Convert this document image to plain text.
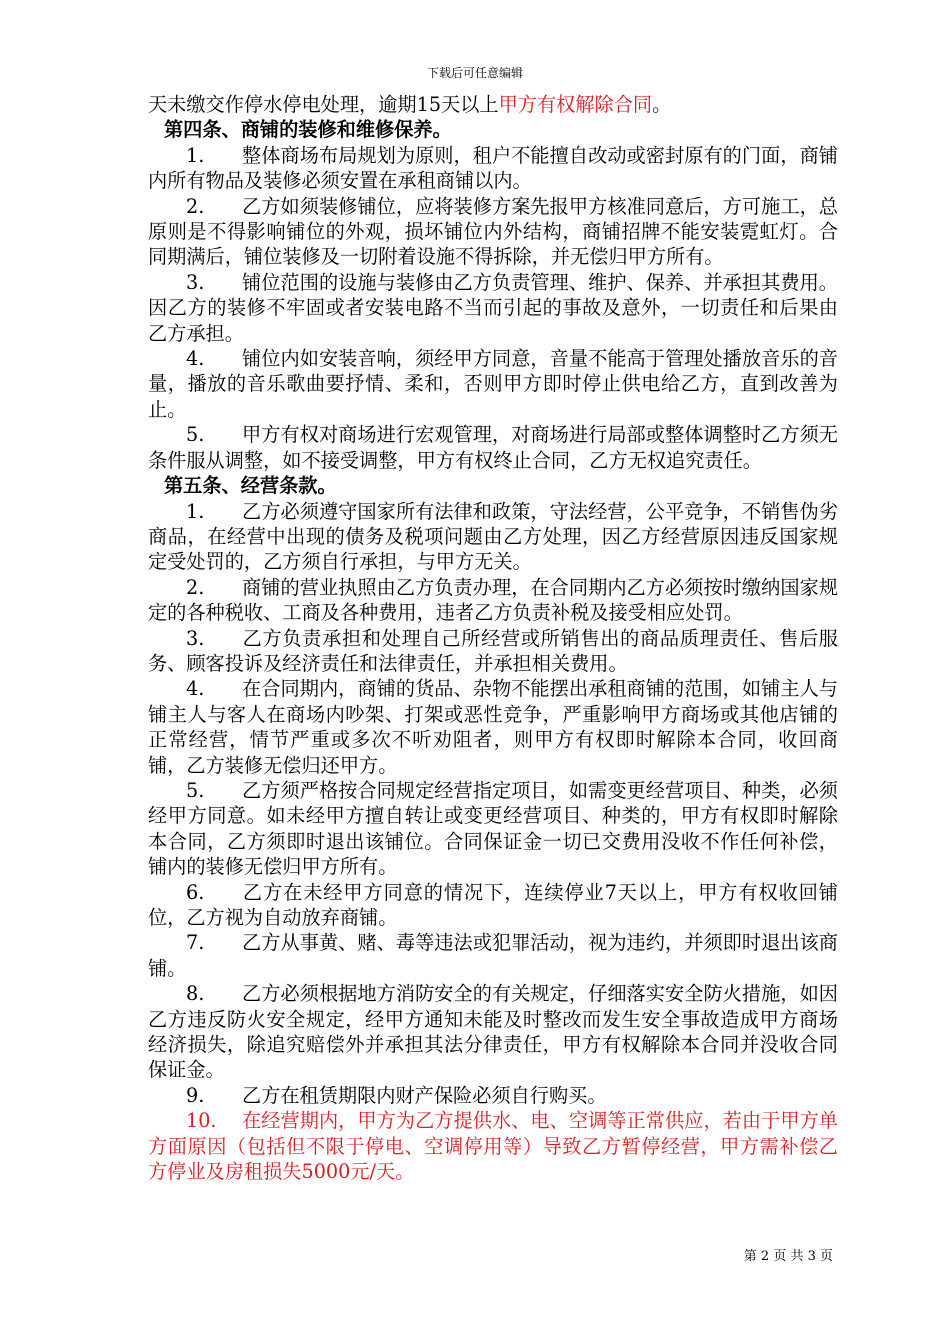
下载后可任意编辑

天未缴交作停水停电处理，逾期15天以上甲方有权解除合同。

第四条、商铺的装修和维修保养。

1. 整体商场布局规划为原则，租户不能擅自改动或密封原有的门面，商铺内所有物品及装修必须安置在承租商铺以内。

2. 乙方如须装修铺位，应将装修方案先报甲方核准同意后，方可施工，总原则是不得影响铺位的外观，损坏铺位内外结构，商铺招牌不能安装霓虹灯。合同期满后，铺位装修及一切附着设施不得拆除，并无偿归甲方所有。

3. 铺位范围的设施与装修由乙方负责管理、维护、保养、并承担其费用。因乙方的装修不牢固或者安装电路不当而引起的事故及意外，一切责任和后果由乙方承担。

4. 铺位内如安装音响，须经甲方同意，音量不能高于管理处播放音乐的音量，播放的音乐歌曲要抒情、柔和，否则甲方即时停止供电给乙方，直到改善为止。

5. 甲方有权对商场进行宏观管理，对商场进行局部或整体调整时乙方须无条件服从调整，如不接受调整，甲方有权终止合同，乙方无权追究责任。

第五条、经营条款。

1. 乙方必须遵守国家所有法律和政策，守法经营，公平竞争，不销售伪劣商品，在经营中出现的债务及税项问题由乙方处理，因乙方经营原因违反国家规定受处罚的，乙方须自行承担，与甲方无关。

2. 商铺的营业执照由乙方负责办理，在合同期内乙方必须按时缴纳国家规定的各种税收、工商及各种费用，违者乙方负责补税及接受相应处罚。

3. 乙方负责承担和处理自己所经营或所销售出的商品质理责任、售后服务、顾客投诉及经济责任和法律责任，并承担相关费用。

4. 在合同期内，商铺的货品、杂物不能摆出承租商铺的范围，如铺主人与铺主人与客人在商场内吵架、打架或恶性竞争，严重影响甲方商场或其他店铺的正常经营，情节严重或多次不听劝阻者，则甲方有权即时解除本合同，收回商铺，乙方装修无偿归还甲方。

5. 乙方须严格按合同规定经营指定项目，如需变更经营项目、种类，必须经甲方同意。如未经甲方擅自转让或变更经营项目、种类的，甲方有权即时解除本合同，乙方须即时退出该铺位。合同保证金一切已交费用没收不作任何补偿，铺内的装修无偿归甲方所有。

6. 乙方在未经甲方同意的情况下，连续停业7天以上，甲方有权收回铺位，乙方视为自动放弃商铺。

7. 乙方从事黄、赌、毒等违法或犯罪活动，视为违约，并须即时退出该商铺。

8. 乙方必须根据地方消防安全的有关规定，仔细落实安全防火措施，如因乙方违反防火安全规定，经甲方通知未能及时整改而发生安全事故造成甲方商场经济损失，除追究赔偿外并承担其法分律责任，甲方有权解除本合同并没收合同保证金。

9. 乙方在租赁期限内财产保险必须自行购买。

10. 在经营期内，甲方为乙方提供水、电、空调等正常供应，若由于甲方单方面原因（包括但不限于停电、空调停用等）导致乙方暂停经营，甲方需补偿乙方停业及房租损失5000元/天。

第 2 页 共 3 页
